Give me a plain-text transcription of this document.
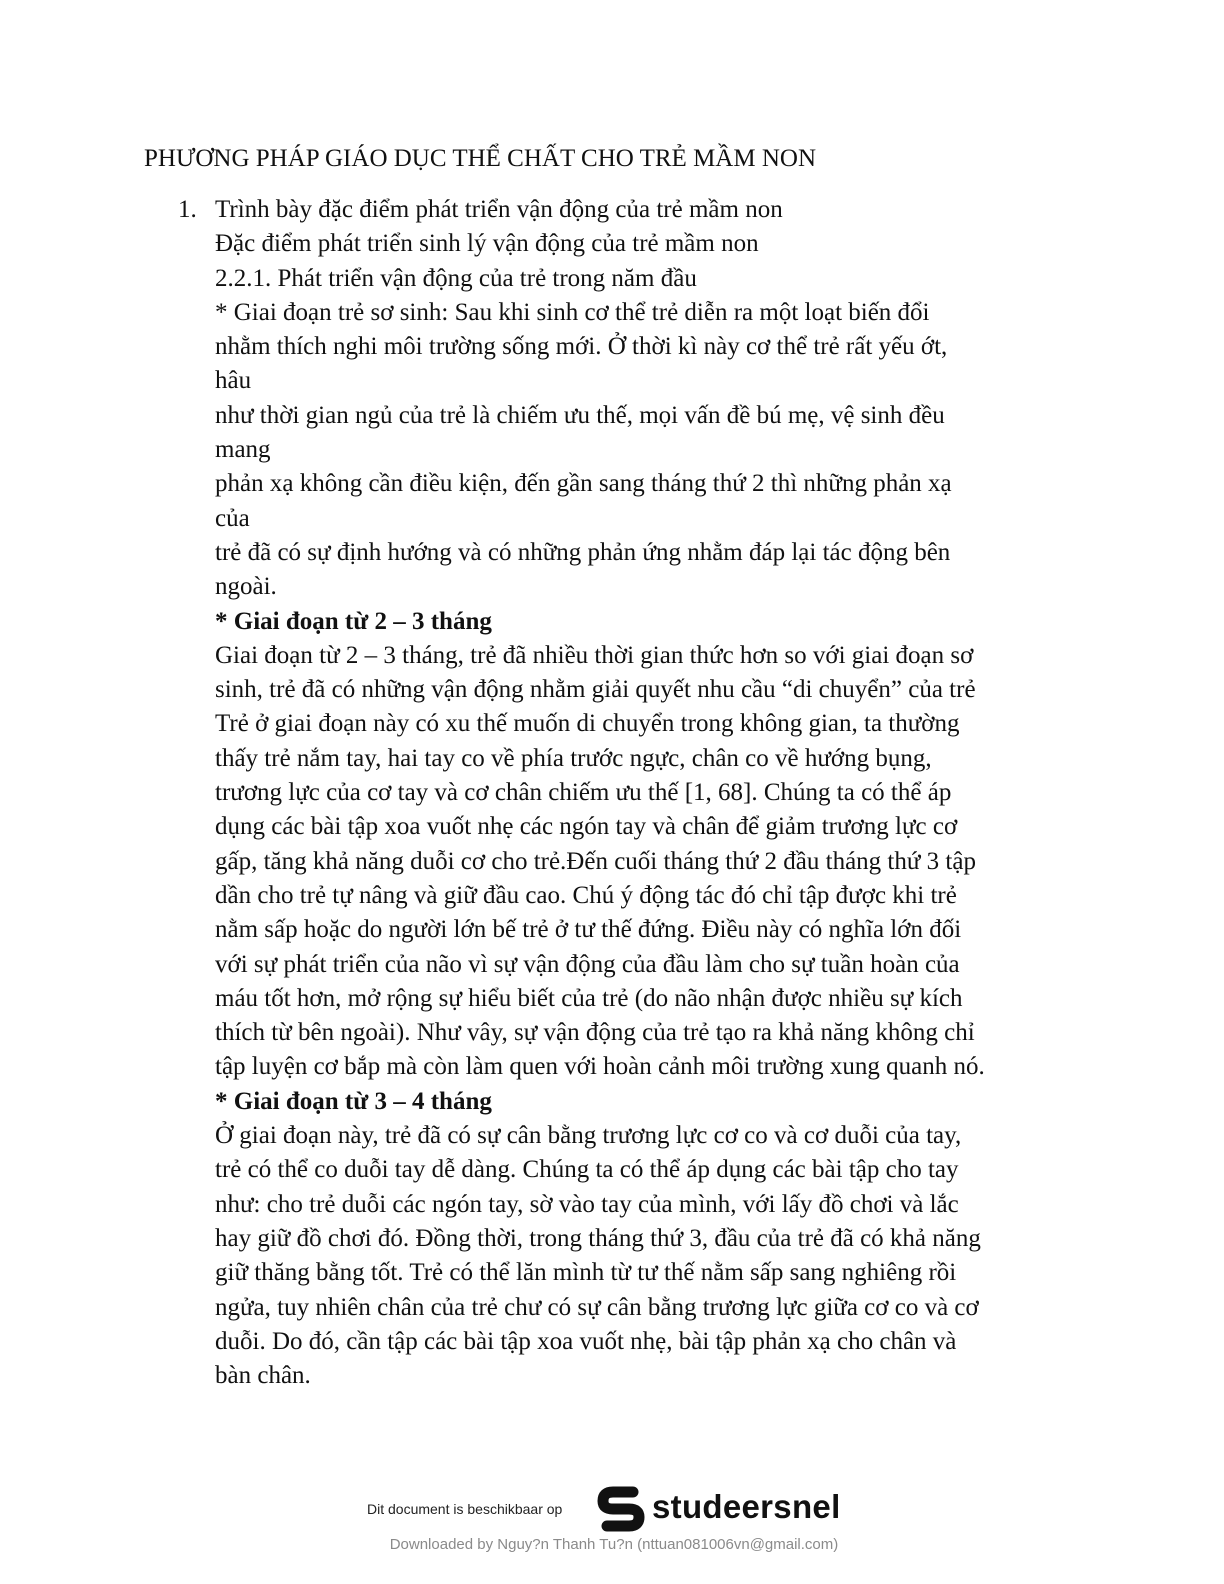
PHƯƠNG PHÁP GIÁO DỤC THỂ CHẤT CHO TRẺ MẦM NON
1. Trình bày đặc điểm phát triển vận động của trẻ mầm non
Đặc điểm phát triển sinh lý vận động của trẻ mầm non
2.2.1. Phát triển vận động của trẻ trong năm đầu
* Giai đoạn trẻ sơ sinh: Sau khi sinh cơ thể trẻ diễn ra một loạt biến đổi
nhằm thích nghi môi trường sống mới. Ở thời kì này cơ thể trẻ rất yếu ớt,
hâu
như thời gian ngủ của trẻ là chiếm ưu thế, mọi vấn đề bú mẹ, vệ sinh đều
mang
phản xạ không cần điều kiện, đến gần sang tháng thứ 2 thì những phản xạ
của
trẻ đã có sự định hướng và có những phản ứng nhằm đáp lại tác động bên
ngoài.
* Giai đoạn từ 2 – 3 tháng
Giai đoạn từ 2 – 3 tháng, trẻ đã nhiều thời gian thức hơn so với giai đoạn sơ
sinh, trẻ đã có những vận động nhằm giải quyết nhu cầu “di chuyển” của trẻ
Trẻ ở giai đoạn này có xu thế muốn di chuyển trong không gian, ta thường
thấy trẻ nắm tay, hai tay co về phía trước ngực, chân co về hướng bụng,
trương lực của cơ tay và cơ chân chiếm ưu thế [1, 68]. Chúng ta có thể áp
dụng các bài tập xoa vuốt nhẹ các ngón tay và chân để giảm trương lực cơ
gấp, tăng khả năng duỗi cơ cho trẻ.Đến cuối tháng thứ 2 đầu tháng thứ 3 tập
dần cho trẻ tự nâng và giữ đầu cao. Chú ý động tác đó chỉ tập được khi trẻ
nằm sấp hoặc do người lớn bế trẻ ở tư thế đứng. Điều này có nghĩa lớn đối
với sự phát triển của não vì sự vận động của đầu làm cho sự tuần hoàn của
máu tốt hơn, mở rộng sự hiểu biết của trẻ (do não nhận được nhiều sự kích
thích từ bên ngoài). Như vây, sự vận động của trẻ tạo ra khả năng không chỉ
tập luyện cơ bắp mà còn làm quen với hoàn cảnh môi trường xung quanh nó.
* Giai đoạn từ 3 – 4 tháng
Ở giai đoạn này, trẻ đã có sự cân bằng trương lực cơ co và cơ duỗi của tay,
trẻ có thể co duỗi tay dễ dàng. Chúng ta có thể áp dụng các bài tập cho tay
như: cho trẻ duỗi các ngón tay, sờ vào tay của mình, với lấy đồ chơi và lắc
hay giữ đồ chơi đó. Đồng thời, trong tháng thứ 3, đầu của trẻ đã có khả năng
giữ thăng bằng tốt. Trẻ có thể lăn mình từ tư thế nằm sấp sang nghiêng rồi
ngửa, tuy nhiên chân của trẻ chư có sự cân bằng trương lực giữa cơ co và cơ
duỗi. Do đó, cần tập các bài tập xoa vuốt nhẹ, bài tập phản xạ cho chân và
bàn chân.
Dit document is beschikbaar op	studeersnel
Downloaded by Nguy?n Thanh Tu?n (nttuan081006vn@gmail.com)
